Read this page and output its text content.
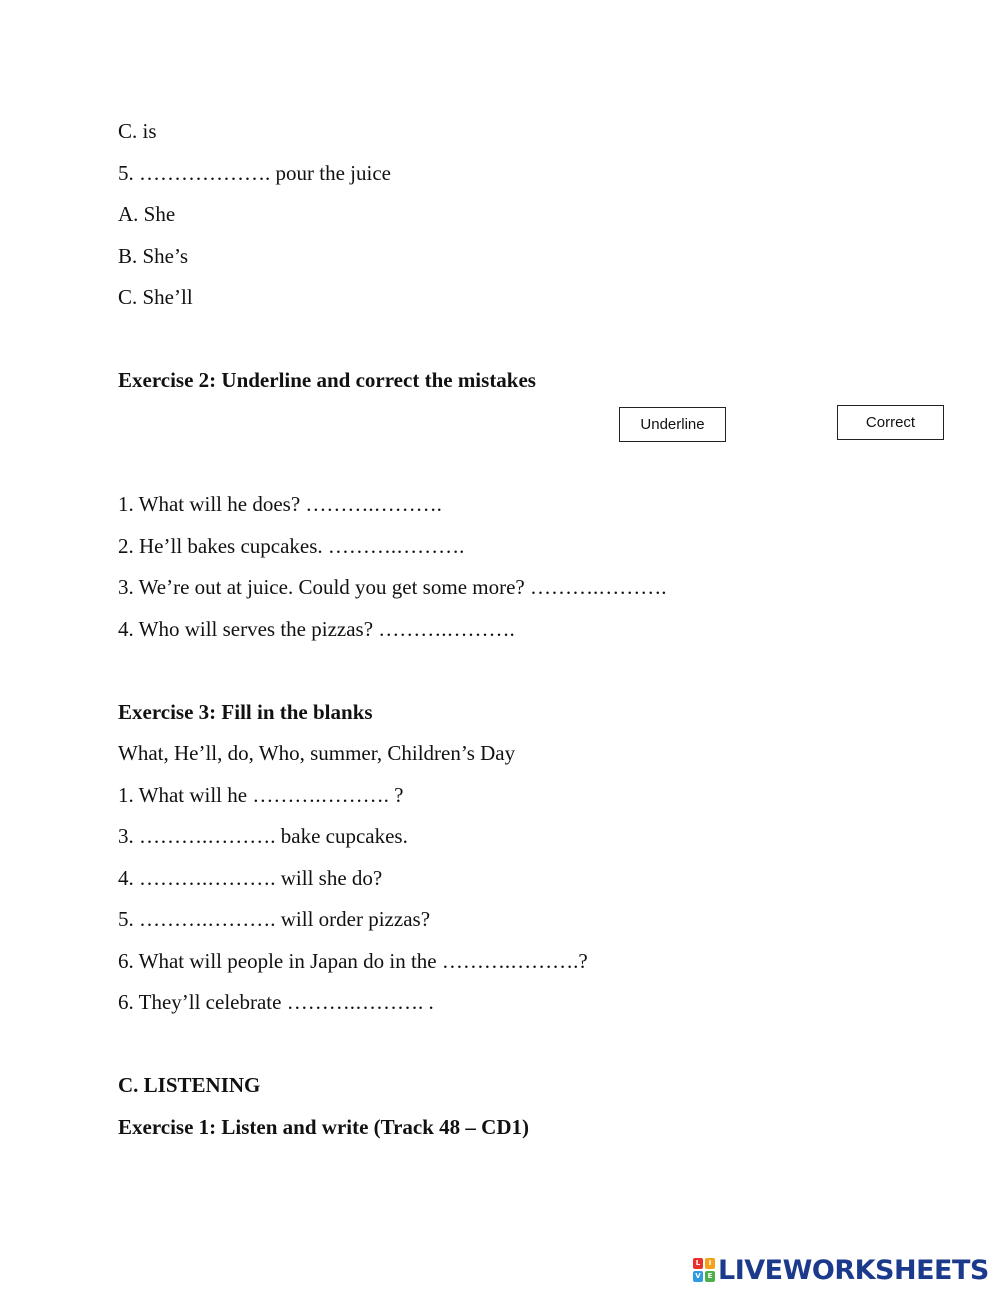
C. is
5. ………………. pour the juice
A. She
B. She’s
C. She’ll
Exercise 2: Underline and correct the mistakes
Underline	Correct
1. What will he does? ……….……….
2. He’ll bakes cupcakes. ……….……….
3. We’re out at juice. Could you get some more? ……….……….
4. Who will serves the pizzas? ……….……….
Exercise 3: Fill in the blanks
What, He’ll, do, Who, summer, Children’s Day
1. What will he ……….………. ?
3. ……….………. bake cupcakes.
4. ……….………. will she do?
5. ……….………. will order pizzas?
6. What will people in Japan do in the ……….……….?
6. They’ll celebrate ……….………. .
C. LISTENING
Exercise 1: Listen and write (Track 48 – CD1)
L	I
V E LIVEWORKSHEETS
